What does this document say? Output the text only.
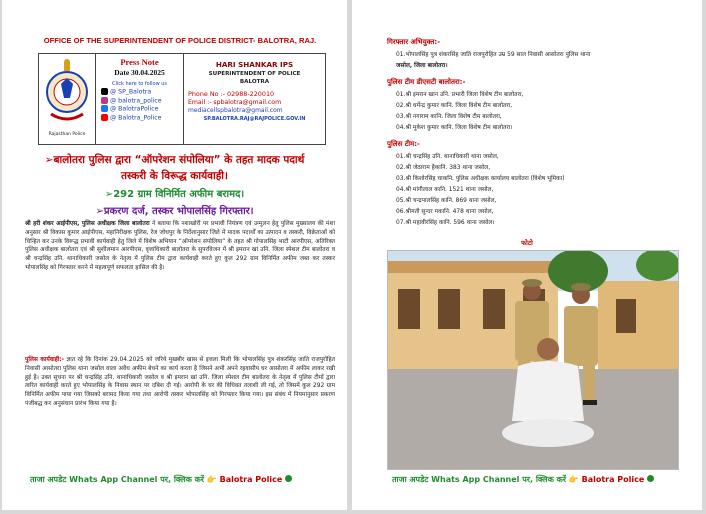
OFFICE OF THE SUPERINTENDENT OF POLICE DISTRICT- BALOTRA, RAJ.
Rajasthan Police
Press Note
Date 30.04.2025
Click here to follow us
@ SP_Balotra
@ balotra_police
@ BalotraPolice
@ Balotra_Police
HARI SHANKAR IPS
SUPERINTENDENT OF POLICE
BALOTRA
Phone No :- 02988-220010
Email :- spbalotra@gmail.com
mediacellspbalotra@gmail.com
SP.BALOTRA.RAJ@RAJPOLICE.GOV.IN
➢बालोतरा पुलिस द्वारा “ऑपरेशन संपोलिया” के तहत मादक पदार्थ
तस्करी के विरूद्ध कार्यवाही।
➢292 ग्राम विनिर्मित अफीम बरामद।
➢प्रकरण दर्ज, तस्कर भोपालसिंह गिरफ्तार।
श्री हरी शंकर आईपीएस, पुलिस अधीक्षक जिला बालोतरा ने बताया कि नशाखोरी पर प्रभावी नियंत्रण एवं उन्मूलन हेतु पुलिस मुख्यालय की मंशा अनुसार श्री विकास कुमार आईपीएस, महानिरीक्षक पुलिस, रेंज जोधपुर के निर्देशानुसार जिले में मादक पदार्थों का उत्पादन व तस्करी, विक्रेताओं को चिन्हित कर उनके विरूद्ध प्रभावी कार्यवाही हेतु जिले में विशेष अभियान “ऑपरेशन संपोलिया” के तहत श्री गोपालसिंह भाटी आरपीएस, अतिरिक्त पुलिस अधीक्षक बालोतरा एवं श्री सुशीलमान आरपीएस, वृत्ताधिकारी बालोतरा के सुपरविजन में श्री इमरान खां उनि. जिला स्पेशल टीम बालोतरा व श्री चन्द्रसिंह उनि. थानाधिकारी जसोल के नेतृत्व में पुलिस टीम द्वारा कार्यवाही करते हुए कुल 292 ग्राम विनिर्मित अफीम जब्त कर तस्कर भोपालसिंह को गिरफ्तार करने में महत्वपूर्ण सफलता हासिल की है।
पुलिस कार्यवाही:- ज्ञात रहे कि दिनांक 29.04.2025 को जरिये मुखबीर खास से इत्तला मिली कि भोपालसिंह पुत्र शंकरसिंह जाति राजपुरोहित निवासी आसोतरा पुलिस थाना जसोल वाला अवैध अफीम बेचने का कार्य करता है जिसने अभी अपने रहवासीय घर आसोतरा में अफीम लाकर रखी हुई है। उक्त सूचना पर श्री चन्द्रसिंह उनि. थानाधिकारी जसोल व श्री इमरान खां उनि. जिला स्पेशल टीम बालोतरा के नेतृत्व में पुलिस टीमों द्वारा त्वरित कार्यवाही करते हुए भोपालसिंह के निवास स्थान पर दबिश दी गई। आरोपी के घर की विधिवत तलाशी ली गई, तो जिसमें कुल 292 ग्राम विनिर्मित अफीम पाया गया जिसको बरामद किया गया तथा आरोपी तस्कर भोपालसिंह को गिरफ्तार किया गया। इस संबंध में नियमानुसार प्रकरण पंजीबद्ध कर अनुसंधान प्रारंभ किया गया है।
ताजा अपडेट Whats App Channel पर, क्लिक करें 👉 Balotra Police
गिरफ्तार अभियुक्त:-
01.भोपालसिंह पुत्र शंकरसिंह जाति राजपुरोहित उम्र 59 साल निवासी आसोतरा पुलिस थाना
जसोल, जिला बालोतरा।
पुलिस टीम डीएसटी बालोतरा:-
01.श्री इमरान खान उनि. प्रभारी जिला विशेष टीम बालोतरा,
02.श्री धर्मेन्द्र कुमार कानि. जिला विशेष टीम बालोतरा,
03.श्री नगाराम कानि. जिला विशेष टीम बालोतरा,
04.श्री मुकेश कुमार कानि. जिला विशेष टीम बालोतरा।
पुलिस टीम:-
01.श्री चन्द्रसिंह उनि. थानाधिकारी थाना जसोल,
02.श्री जेठाराम हैकानि. 383 थाना जसोल,
03.श्री किशोरसिंह चाकनि. पुलिस अधीक्षक कार्यालय बालोतरा (विशेष भूमिका)
04.श्री मांगीलाल कानि. 1521 थाना जसोल,
05.श्री चन्द्रपालसिंह कानि. 869 थाना जसोल,
06.श्रीमती सुन्दर मकानि. 478 थाना जसोल,
07.श्री महावीरसिंह कानि. 596 थाना जसोल।
फोटो
ताजा अपडेट Whats App Channel पर, क्लिक करें 👉 Balotra Police
